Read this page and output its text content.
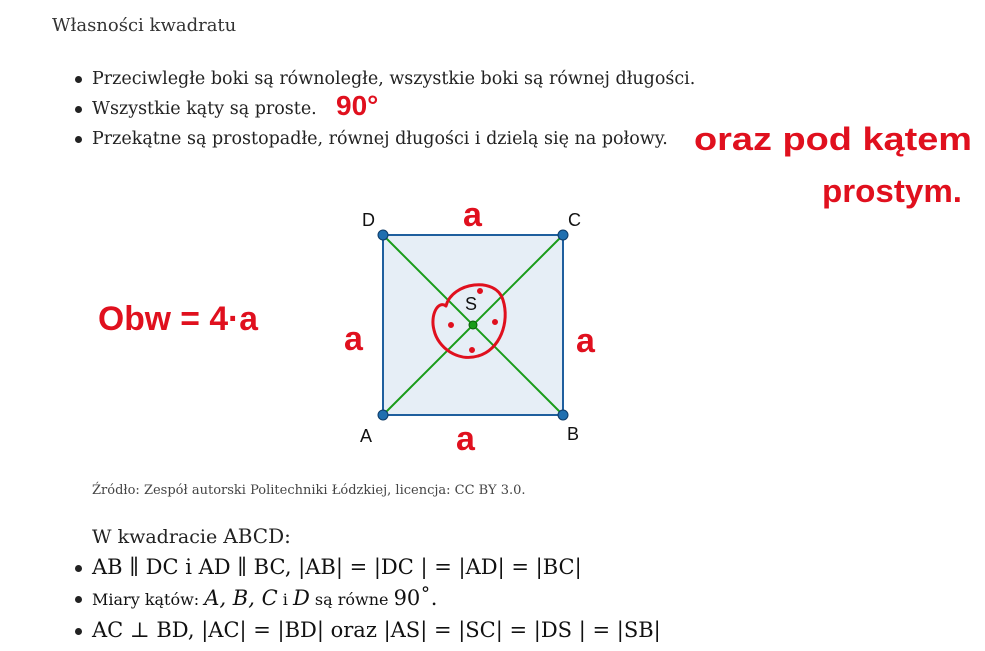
Własności kwadratu
Przeciwległe boki są równoległe, wszystkie boki są równej długości.
Wszystkie kąty są proste.
Przekątne są prostopadłe, równej długości i dzielą się na połowy.
A	B
C
D
S
a
a	a
a
90°
oraz pod kątem
prostym.
Obw = 4·a
Źródło: Zespół autorski Politechniki Łódzkiej, licencja: CC BY 3.0.
W kwadracie ABCD:
AB ∥ DC i AD ∥ BC, |AB| = |DC | = |AD| = |BC|
Miary kątów: A, B, C i D są równe 90˚.
AC ⊥ BD, |AC| = |BD| oraz |AS| = |SC| = |DS | = |SB|
